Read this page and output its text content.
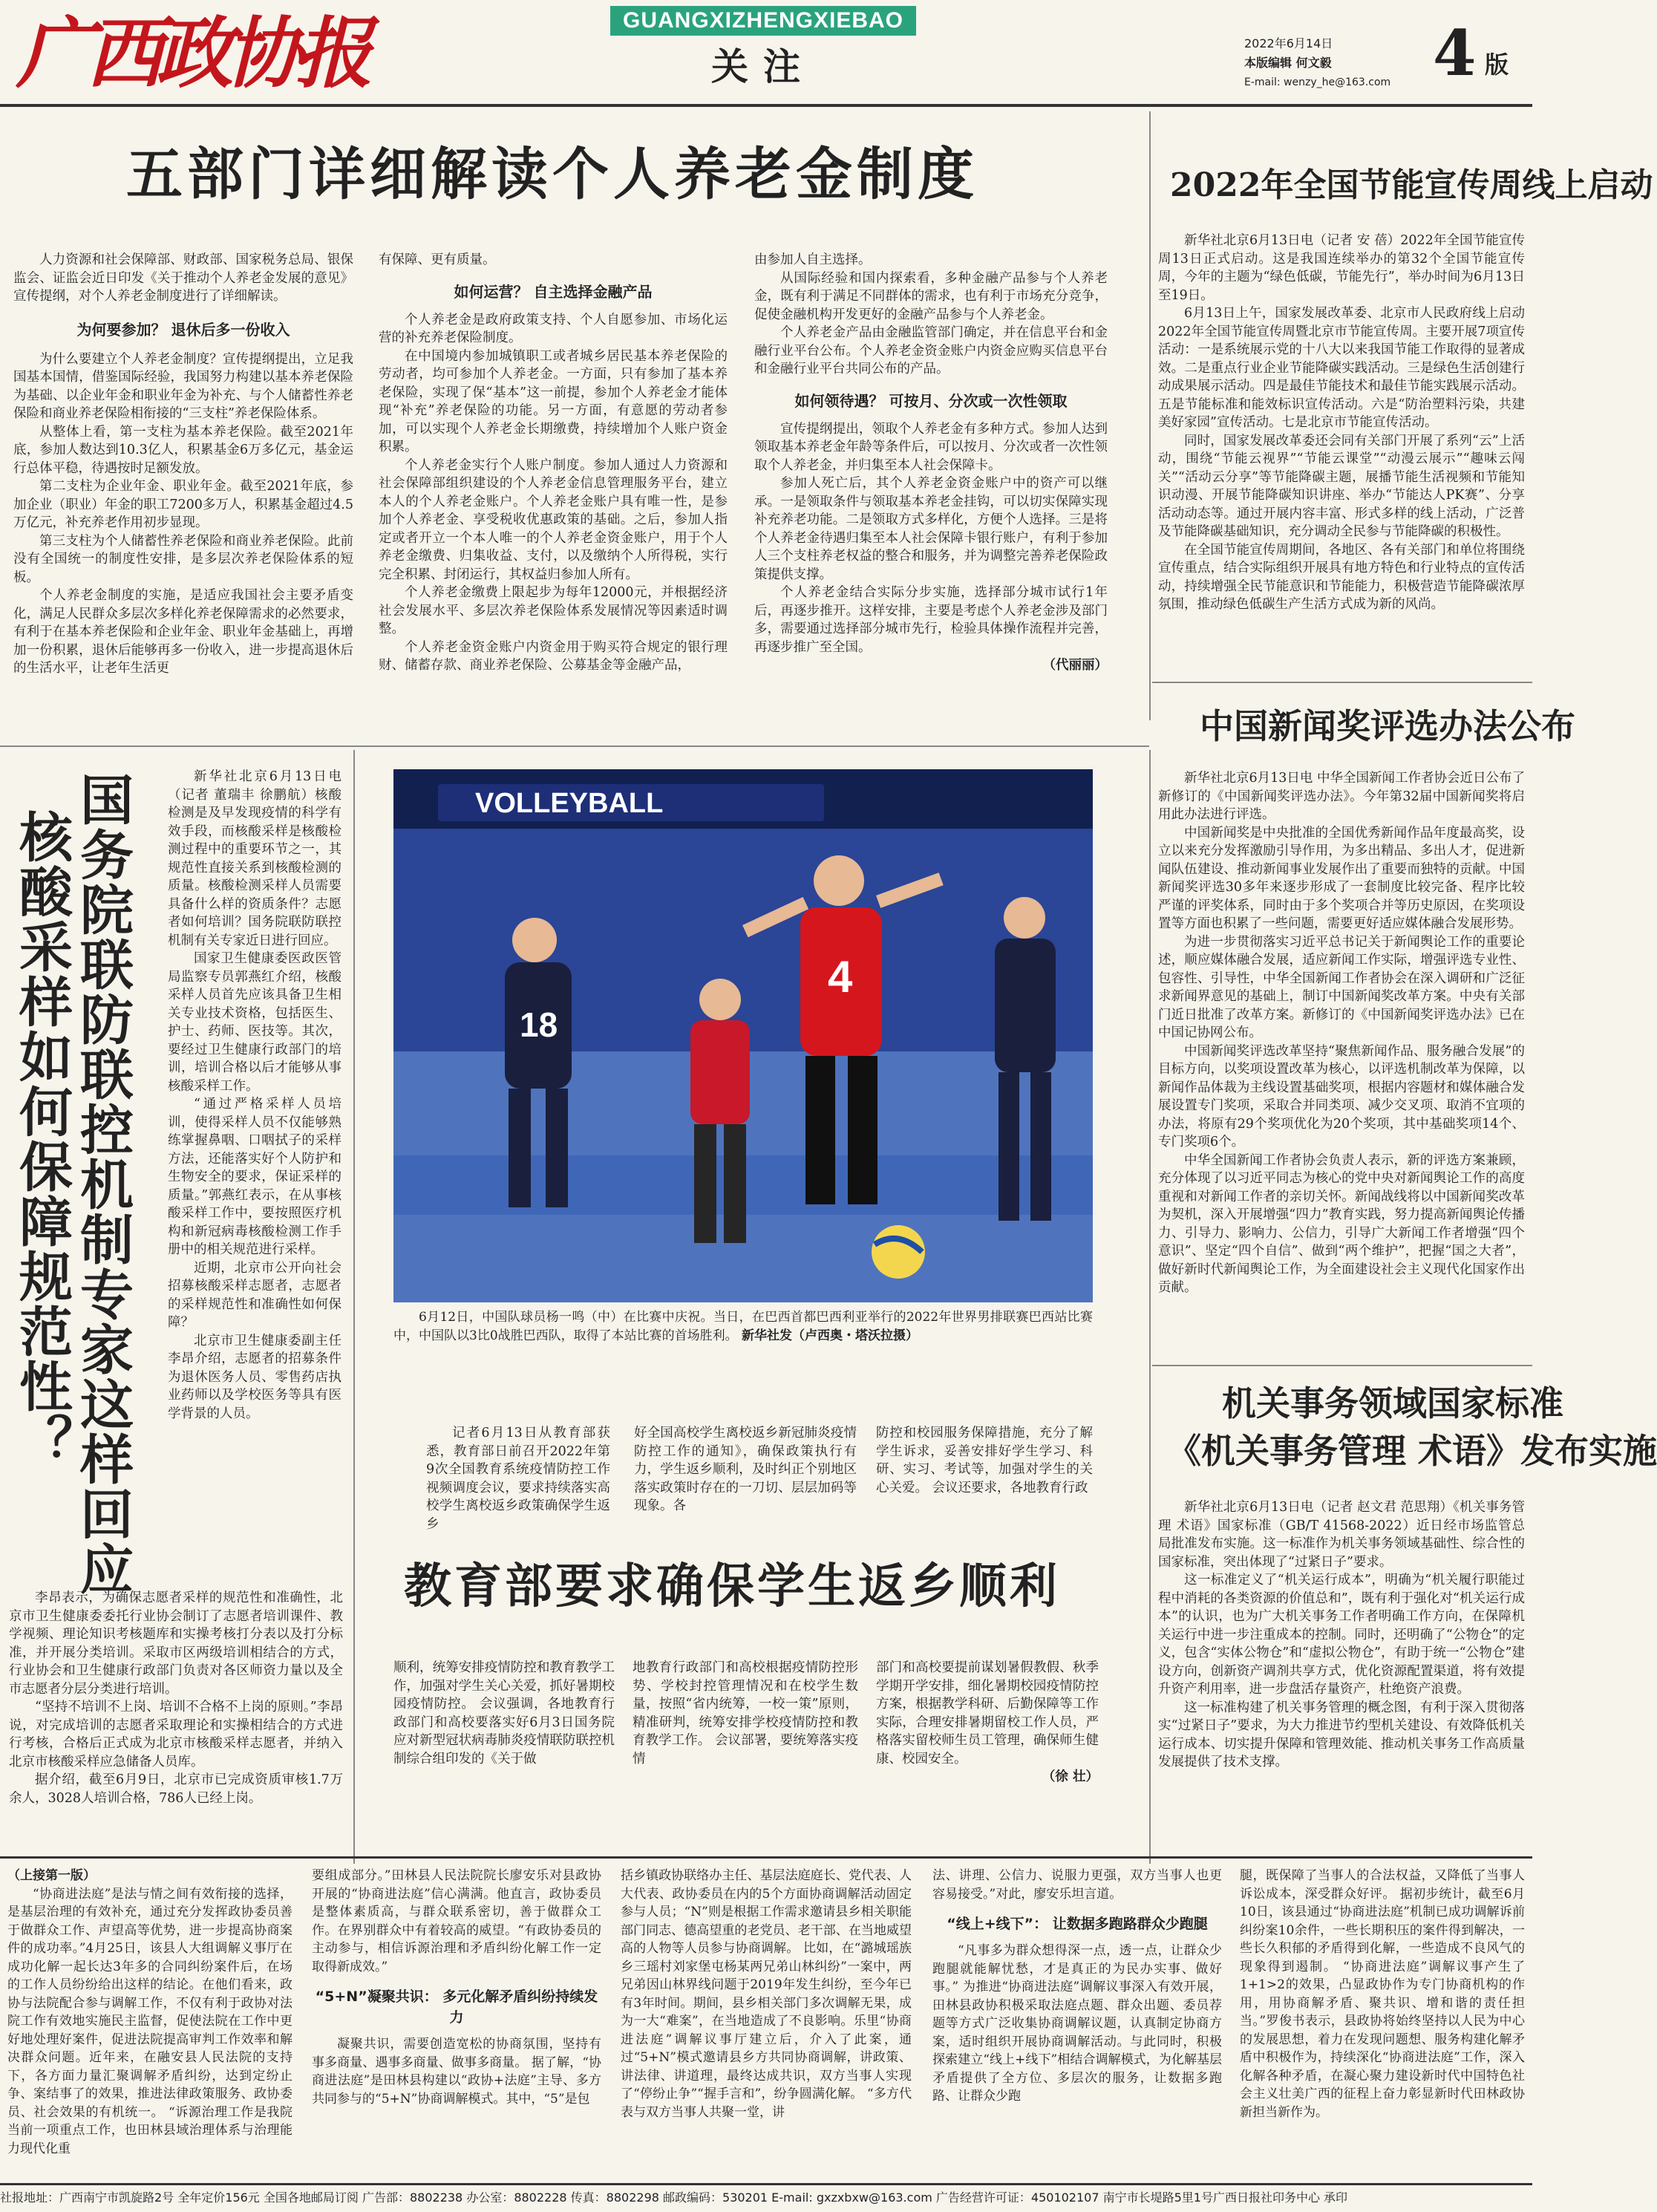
广西政协报	GUANGXIZHENGXIEBAO
关注
2022年6月14日
本版编辑 何文毅
E-mail: wenzy_he@163.com 4 版
五部门详细解读个人养老金制度

人力资源和社会保障部、财政部、国家税务总局、银保监会、证监会近日印发《关于推动个人养老金发展的意见》宣传提纲，对个人养老金制度进行了详细解读。

为何要参加？ 退休后多一份收入

为什么要建立个人养老金制度？宣传提纲提出，立足我国基本国情，借鉴国际经验，我国努力构建以基本养老保险为基础、以企业年金和职业年金为补充、与个人储蓄性养老保险和商业养老保险相衔接的“三支柱”养老保险体系。

从整体上看，第一支柱为基本养老保险。截至2021年底，参加人数达到10.3亿人，积累基金6万多亿元，基金运行总体平稳，待遇按时足额发放。

第二支柱为企业年金、职业年金。截至2021年底，参加企业（职业）年金的职工7200多万人，积累基金超过4.5万亿元，补充养老作用初步显现。

第三支柱为个人储蓄性养老保险和商业养老保险。此前没有全国统一的制度性安排，是多层次养老保险体系的短板。

个人养老金制度的实施，是适应我国社会主要矛盾变化，满足人民群众多层次多样化养老保障需求的必然要求，有利于在基本养老保险和企业年金、职业年金基础上，再增加一份积累，退休后能够再多一份收入，进一步提高退休后的生活水平，让老年生活更

有保障、更有质量。

如何运营？ 自主选择金融产品

个人养老金是政府政策支持、个人自愿参加、市场化运营的补充养老保险制度。

在中国境内参加城镇职工或者城乡居民基本养老保险的劳动者，均可参加个人养老金。一方面，只有参加了基本养老保险，实现了保“基本”这一前提，参加个人养老金才能体现“补充”养老保险的功能。另一方面，有意愿的劳动者参加，可以实现个人养老金长期缴费，持续增加个人账户资金积累。

个人养老金实行个人账户制度。参加人通过人力资源和社会保障部组织建设的个人养老金信息管理服务平台，建立本人的个人养老金账户。个人养老金账户具有唯一性，是参加个人养老金、享受税收优惠政策的基础。之后，参加人指定或者开立一个本人唯一的个人养老金资金账户，用于个人养老金缴费、归集收益、支付，以及缴纳个人所得税，实行完全积累、封闭运行，其权益归参加人所有。

个人养老金缴费上限起步为每年12000元，并根据经济社会发展水平、多层次养老保险体系发展情况等因素适时调整。

个人养老金资金账户内资金用于购买符合规定的银行理财、储蓄存款、商业养老保险、公募基金等金融产品，

由参加人自主选择。

从国际经验和国内探索看，多种金融产品参与个人养老金，既有利于满足不同群体的需求，也有利于市场充分竞争，促使金融机构开发更好的金融产品参与个人养老金。

个人养老金产品由金融监管部门确定，并在信息平台和金融行业平台公布。个人养老金资金账户内资金应购买信息平台和金融行业平台共同公布的产品。

如何领待遇？ 可按月、分次或一次性领取

宣传提纲提出，领取个人养老金有多种方式。参加人达到领取基本养老金年龄等条件后，可以按月、分次或者一次性领取个人养老金，并归集至本人社会保障卡。

参加人死亡后，其个人养老金资金账户中的资产可以继承。一是领取条件与领取基本养老金挂钩，可以切实保障实现补充养老功能。二是领取方式多样化，方便个人选择。三是将个人养老金待遇归集至本人社会保障卡银行账户，有利于参加人三个支柱养老权益的整合和服务，并为调整完善养老保险政策提供支撑。

个人养老金结合实际分步实施，选择部分城市试行1年后，再逐步推开。这样安排，主要是考虑个人养老金涉及部门多，需要通过选择部分城市先行，检验具体操作流程并完善，再逐步推广至全国。

（代丽丽）
2022年全国节能宣传周线上启动

新华社北京6月13日电（记者 安 蓓）2022年全国节能宣传周13日正式启动。这是我国连续举办的第32个全国节能宣传周，今年的主题为“绿色低碳，节能先行”，举办时间为6月13日至19日。

6月13日上午，国家发展改革委、北京市人民政府线上启动2022年全国节能宣传周暨北京市节能宣传周。主要开展7项宣传活动：一是系统展示党的十八大以来我国节能工作取得的显著成效。二是重点行业企业节能降碳实践活动。三是绿色生活创建行动成果展示活动。四是最佳节能技术和最佳节能实践展示活动。五是节能标准和能效标识宣传活动。六是“防治塑料污染，共建美好家园”宣传活动。七是北京市节能宣传活动。

同时，国家发展改革委还会同有关部门开展了系列“云”上活动，围绕“节能云视界”“节能云课堂”“动漫云展示”“趣味云闯关”“活动云分享”等节能降碳主题，展播节能生活视频和节能知识动漫、开展节能降碳知识讲座、举办“节能达人PK赛”、分享活动动态等。通过开展内容丰富、形式多样的线上活动，广泛普及节能降碳基础知识，充分调动全民参与节能降碳的积极性。

在全国节能宣传周期间，各地区、各有关部门和单位将围绕宣传重点，结合实际组织开展具有地方特色和行业特点的宣传活动，持续增强全民节能意识和节能能力，积极营造节能降碳浓厚氛围，推动绿色低碳生产生活方式成为新的风尚。

中国新闻奖评选办法公布

新华社北京6月13日电 中华全国新闻工作者协会近日公布了新修订的《中国新闻奖评选办法》。今年第32届中国新闻奖将启用此办法进行评选。

中国新闻奖是中央批准的全国优秀新闻作品年度最高奖，设立以来充分发挥激励引导作用，为多出精品、多出人才，促进新闻队伍建设、推动新闻事业发展作出了重要而独特的贡献。中国新闻奖评选30多年来逐步形成了一套制度比较完备、程序比较严谨的评奖体系，同时由于多个奖项合并等历史原因，在奖项设置等方面也积累了一些问题，需要更好适应媒体融合发展形势。

为进一步贯彻落实习近平总书记关于新闻舆论工作的重要论述，顺应媒体融合发展，适应新闻工作实际，增强评选专业性、包容性、引导性，中华全国新闻工作者协会在深入调研和广泛征求新闻界意见的基础上，制订中国新闻奖改革方案。中央有关部门近日批准了改革方案。新修订的《中国新闻奖评选办法》已在中国记协网公布。

中国新闻奖评选改革坚持“聚焦新闻作品、服务融合发展”的目标方向，以奖项设置改革为核心，以评选机制改革为保障，以新闻作品体裁为主线设置基础奖项，根据内容题材和媒体融合发展设置专门奖项，采取合并同类项、减少交叉项、取消不宜项的办法，将原有29个奖项优化为20个奖项，其中基础奖项14个、专门奖项6个。

中华全国新闻工作者协会负责人表示，新的评选方案兼顾，充分体现了以习近平同志为核心的党中央对新闻舆论工作的高度重视和对新闻工作者的亲切关怀。新闻战线将以中国新闻奖改革为契机，深入开展增强“四力”教育实践，努力提高新闻舆论传播力、引导力、影响力、公信力，引导广大新闻工作者增强“四个意识”、坚定“四个自信”、做到“两个维护”，把握“国之大者”，做好新时代新闻舆论工作，为全面建设社会主义现代化国家作出贡献。

机关事务领域国家标准
《机关事务管理 术语》发布实施

新华社北京6月13日电（记者 赵文君 范思翔）《机关事务管理 术语》国家标准（GB/T 41568-2022）近日经市场监管总局批准发布实施。这一标准作为机关事务领域基础性、综合性的国家标准，突出体现了“过紧日子”要求。

这一标准定义了“机关运行成本”，明确为“机关履行职能过程中消耗的各类资源的价值总和”，既有利于强化对“机关运行成本”的认识，也为广大机关事务工作者明确工作方向，在保障机关运行中进一步注重成本的控制。同时，还明确了“公物仓”的定义，包含“实体公物仓”和“虚拟公物仓”，有助于统一“公物仓”建设方向，创新资产调剂共享方式，优化资源配置渠道，将有效提升资产利用率，进一步盘活存量资产，杜绝资产浪费。

这一标准构建了机关事务管理的概念图，有利于深入贯彻落实“过紧日子”要求，为大力推进节约型机关建设、有效降低机关运行成本、切实提升保障和管理效能、推动机关事务工作高质量发展提供了技术支撑。

国务院联防联控机制专家这样回应
核酸采样如何保障规范性？

新华社北京6月13日电（记者 董瑞丰 徐鹏航）核酸检测是及早发现疫情的科学有效手段，而核酸采样是核酸检测过程中的重要环节之一，其规范性直接关系到核酸检测的质量。核酸检测采样人员需要具备什么样的资质条件？志愿者如何培训？国务院联防联控机制有关专家近日进行回应。

国家卫生健康委医政医管局监察专员郭燕红介绍，核酸采样人员首先应该具备卫生相关专业技术资格，包括医生、护士、药师、医技等。其次，要经过卫生健康行政部门的培训，培训合格以后才能够从事核酸采样工作。

“通过严格采样人员培训，使得采样人员不仅能够熟练掌握鼻咽、口咽拭子的采样方法，还能落实好个人防护和生物安全的要求，保证采样的质量。”郭燕红表示，在从事核酸采样工作中，要按照医疗机构和新冠病毒核酸检测工作手册中的相关规范进行采样。

近期，北京市公开向社会招募核酸采样志愿者，志愿者的采样规范性和准确性如何保障？

北京市卫生健康委副主任李昂介绍，志愿者的招募条件为退休医务人员、零售药店执业药师以及学校医务等具有医学背景的人员。

李昂表示，为确保志愿者采样的规范性和准确性，北京市卫生健康委委托行业协会制订了志愿者培训课件、教学视频、理论知识考核题库和实操考核打分表以及打分标准，并开展分类培训。采取市区两级培训相结合的方式，行业协会和卫生健康行政部门负责对各区师资力量以及全市志愿者分层分类进行培训。

“坚持不培训不上岗、培训不合格不上岗的原则。”李昂说，对完成培训的志愿者采取理论和实操相结合的方式进行考核，合格后正式成为北京市核酸采样志愿者，并纳入北京市核酸采样应急储备人员库。

据介绍，截至6月9日，北京市已完成资质审核1.7万余人，3028人培训合格，786人已经上岗。

VOLLEYBALL
18
4

6月12日，中国队球员杨一鸣（中）在比赛中庆祝。当日，在巴西首都巴西利亚举行的2022年世界男排联赛巴西站比赛中，中国队以3比0战胜巴西队，取得了本站比赛的首场胜利。 新华社发（卢西奥・塔沃拉摄）

记者6月13日从教育部获悉，教育部日前召开2022年第9次全国教育系统疫情防控工作视频调度会议，要求持续落实高校学生离校返乡政策确保学生返乡

好全国高校学生离校返乡新冠肺炎疫情防控工作的通知》，确保政策执行有力，学生返乡顺利，及时纠正个别地区落实政策时存在的一刀切、层层加码等现象。各

防控和校园服务保障措施，充分了解学生诉求，妥善安排好学生学习、科研、实习、考试等，加强对学生的关心关爱。 会议还要求，各地教育行政

教育部要求确保学生返乡顺利

顺利，统筹安排疫情防控和教育教学工作，加强对学生关心关爱，抓好暑期校园疫情防控。 会议强调，各地教育行政部门和高校要落实好6月3日国务院应对新型冠状病毒肺炎疫情联防联控机制综合组印发的《关于做

地教育行政部门和高校根据疫情防控形势、学校封控管理情况和在校学生数量，按照“省内统筹，一校一策”原则，精准研判，统筹安排学校疫情防控和教育教学工作。 会议部署，要统筹落实疫情

部门和高校要提前谋划暑假教假、秋季学期开学安排，细化暑期校园疫情防控方案，根据教学科研、后勤保障等工作实际，合理安排暑期留校工作人员，严格落实留校师生员工管理，确保师生健康、校园安全。

（徐 壮）
（上接第一版）

“协商进法庭”是法与情之间有效衔接的选择，是基层治理的有效补充，通过充分发挥政协委员善于做群众工作、声望高等优势，进一步提高协商案件的成功率。”4月25日，该县人大组调解义事厅在成功化解一起长达3年多的合同纠纷案件后，在场的工作人员纷纷给出这样的结论。在他们看来，政协与法院配合参与调解工作，不仅有利于政协对法院工作有效地实施民主监督，促使法院在工作中更好地处理好案件，促进法院提高审判工作效率和解决群众问题。近年来，在融安县人民法院的支持下，各方面力量汇聚调解矛盾纠纷，达到定纷止争、案结事了的效果，推进法律政策服务、政协委员、社会效果的有机统一。 “诉源治理工作是我院当前一项重点工作，也田林县域治理体系与治理能力现代化重

要组成部分。”田林县人民法院院长廖安乐对县政协开展的“协商进法庭”信心满满。他直言，政协委员是整体素质高，与群众联系密切，善于做群众工作。在界别群众中有着较高的威望。“有政协委员的主动参与，相信诉源治理和矛盾纠纷化解工作一定取得新成效。”

“5+N”凝聚共识： 多元化解矛盾纠纷持续发力

凝聚共识，需要创造宽松的协商氛围，坚持有事多商量、遇事多商量、做事多商量。 据了解，“协商进法庭”是田林县构建以“政协+法庭”主导、多方共同参与的“5+N”协商调解模式。其中，“5”是包

括乡镇政协联络办主任、基层法庭庭长、党代表、人大代表、政协委员在内的5个方面协商调解活动固定参与人员；“N”则是根据工作需求邀请县乡相关职能部门同志、德高望重的老党员、老干部、在当地威望高的人物等人员参与协商调解。 比如，在“潞城瑶族乡三瑶村刘家堡屯杨某两兄弟山林纠纷”一案中，两兄弟因山林界线问题于2019年发生纠纷，至今年已有3年时间。期间，县乡相关部门多次调解无果，成为一大“难案”，在当地造成了不良影响。乐里“协商进法庭”调解议事厅建立后，介入了此案，通过“5+N”模式邀请县乡方共同协商调解，讲政策、讲法律、讲道理，最终达成共识，双方当事人实现了“停纷止争”“握手言和”，纷争圆满化解。 “多方代表与双方当事人共聚一堂，讲

法、讲理、公信力、说服力更强，双方当事人也更容易接受。”对此，廖安乐坦言道。

“线上+线下”： 让数据多跑路群众少跑腿

“凡事多为群众想得深一点，透一点，让群众少跑腿就能解忧愁，才是真正的为民办实事、做好事。” 为推进“协商进法庭”调解议事深入有效开展，田林县政协积极采取法庭点题、群众出题、委员荐题等方式广泛收集协商调解议题，认真制定协商方案，适时组织开展协商调解活动。与此同时，积极探索建立“线上+线下”相结合调解模式，为化解基层矛盾提供了全方位、多层次的服务，让数据多跑路、让群众少跑

腿，既保障了当事人的合法权益，又降低了当事人诉讼成本，深受群众好评。 据初步统计，截至6月10日，该县通过“协商进法庭”机制已成功调解诉前纠纷案10余件，一些长期积压的案件得到解决，一些长久积郁的矛盾得到化解，一些造成不良风气的现象得到遏制。 “协商进法庭”调解议事产生了1+1>2的效果，凸显政协作为专门协商机构的作用，用协商解矛盾、聚共识、增和谐的责任担当。”罗俊书表示，县政协将始终坚持以人民为中心的发展思想，着力在发现问题想、服务构建化解矛盾中积极作为，持续深化“协商进法庭”工作，深入化解各种矛盾，在凝心聚力建设新时代中国特色社会主义壮美广西的征程上奋力彰显新时代田林政协新担当新作为。

社报地址：广西南宁市凯旋路2号 全年定价156元 全国各地邮局订阅 广告部：8802238 办公室：8802228 传真：8802298 邮政编码：530201 E-mail: gxzxbxw@163.com 广告经营许可证：450102107 南宁市长堤路5里1号广西日报社印务中心 承印
